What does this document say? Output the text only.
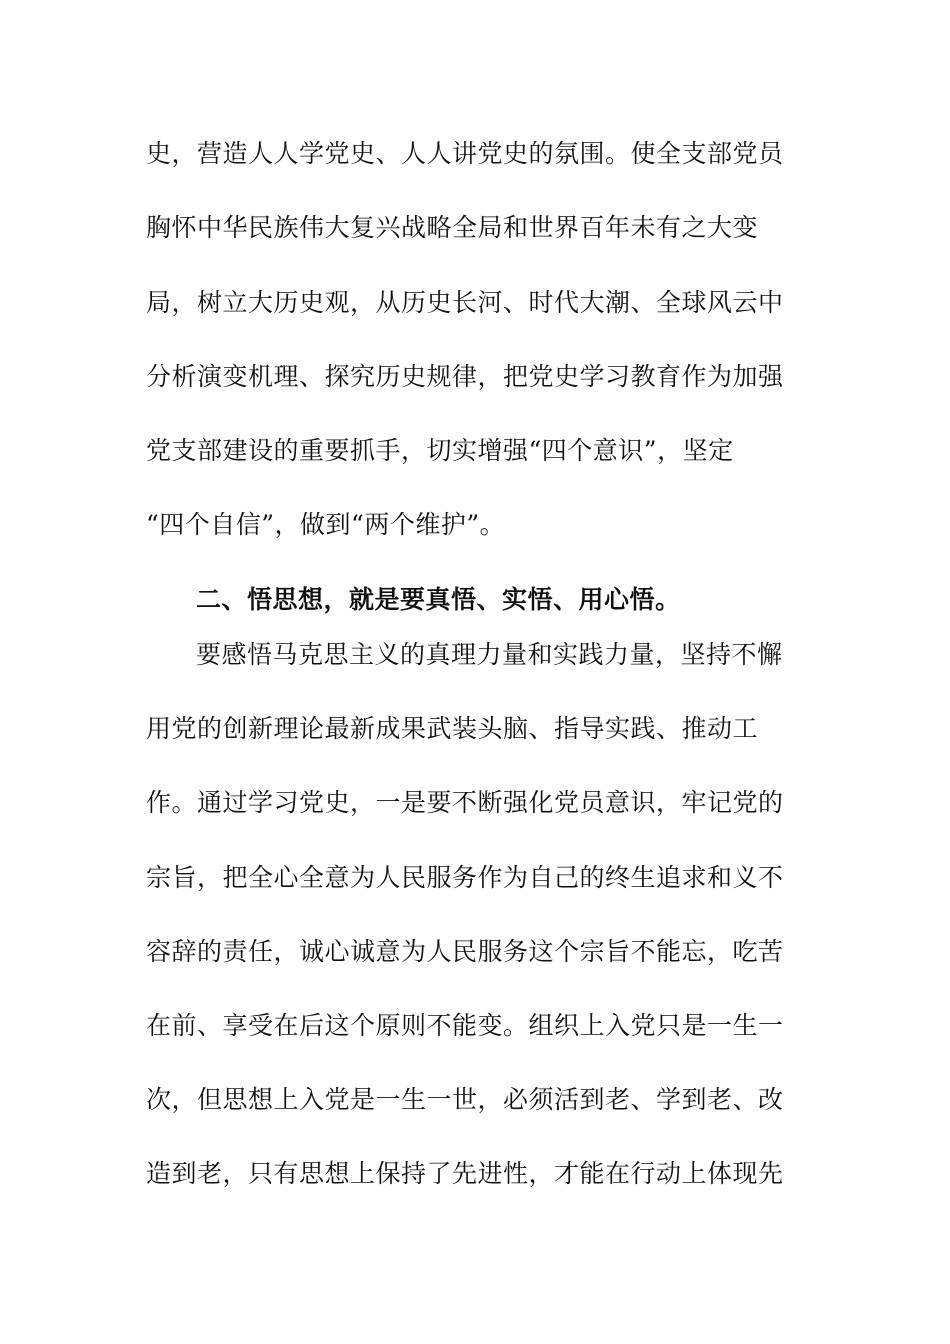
史，营造人人学党史、人人讲党史的氛围。使全支部党员
胸怀中华民族伟大复兴战略全局和世界百年未有之大变
局，树立大历史观，从历史长河、时代大潮、全球风云中
分析演变机理、探究历史规律，把党史学习教育作为加强
党支部建设的重要抓手，切实增强“四个意识”，坚定
“四个自信”，做到“两个维护”。
二、悟思想，就是要真悟、实悟、用心悟。
要感悟马克思主义的真理力量和实践力量，坚持不懈
用党的创新理论最新成果武装头脑、指导实践、推动工
作。通过学习党史，一是要不断强化党员意识，牢记党的
宗旨，把全心全意为人民服务作为自己的终生追求和义不
容辞的责任，诚心诚意为人民服务这个宗旨不能忘，吃苦
在前、享受在后这个原则不能变。组织上入党只是一生一
次，但思想上入党是一生一世，必须活到老、学到老、改
造到老，只有思想上保持了先进性，才能在行动上体现先
